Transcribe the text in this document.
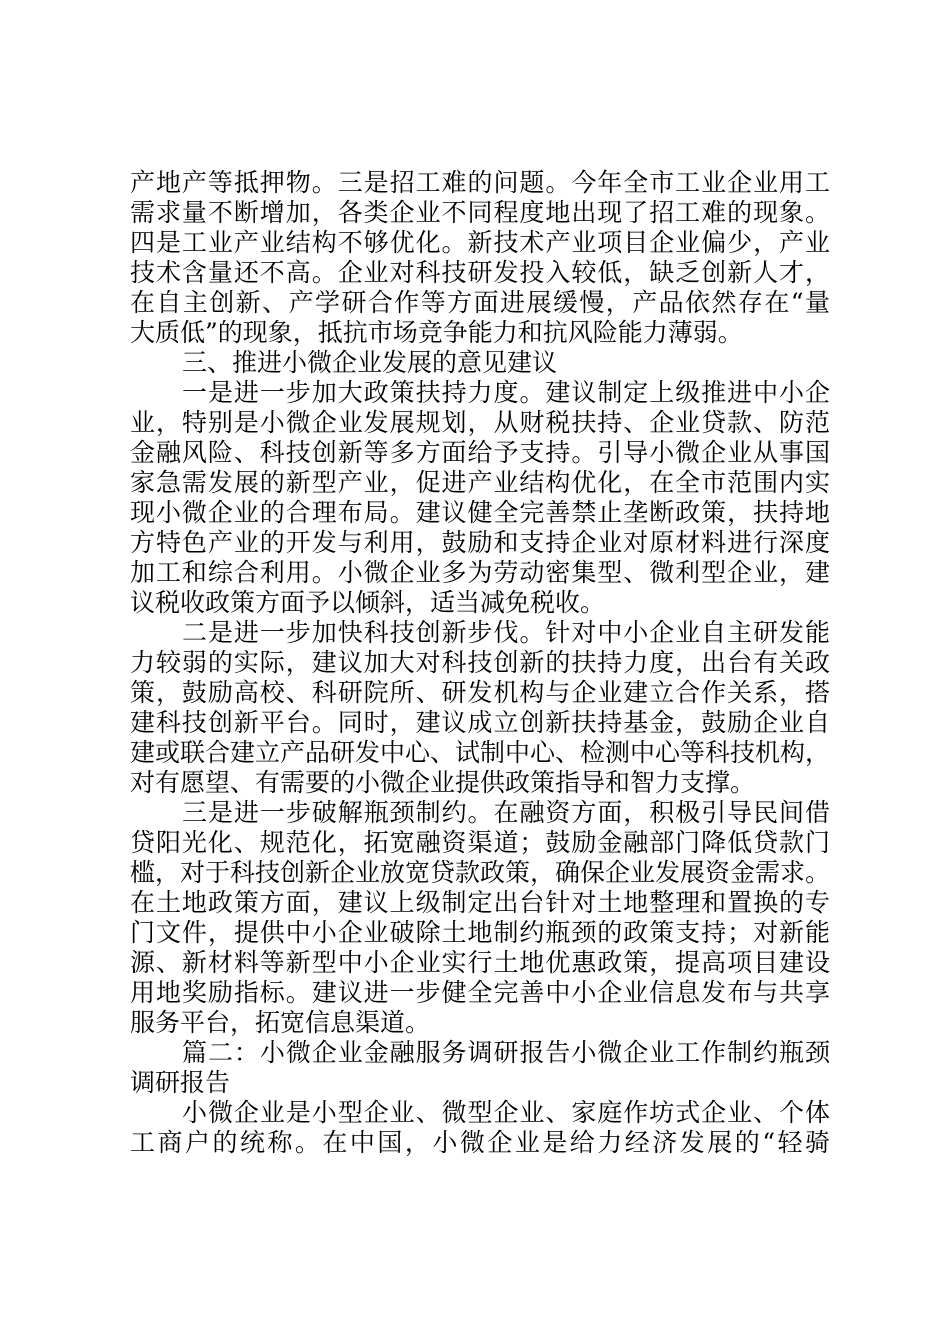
产地产等抵押物。三是招工难的问题。今年全市工业企业用工
需求量不断增加，各类企业不同程度地出现了招工难的现象。
四是工业产业结构不够优化。新技术产业项目企业偏少，产业
技术含量还不高。企业对科技研发投入较低，缺乏创新人才，
在自主创新、产学研合作等方面进展缓慢，产品依然存在“量
大质低”的现象，抵抗市场竞争能力和抗风险能力薄弱。
三、推进小微企业发展的意见建议
一是进一步加大政策扶持力度。建议制定上级推进中小企
业，特别是小微企业发展规划，从财税扶持、企业贷款、防范
金融风险、科技创新等多方面给予支持。引导小微企业从事国
家急需发展的新型产业，促进产业结构优化，在全市范围内实
现小微企业的合理布局。建议健全完善禁止垄断政策，扶持地
方特色产业的开发与利用，鼓励和支持企业对原材料进行深度
加工和综合利用。小微企业多为劳动密集型、微利型企业，建
议税收政策方面予以倾斜，适当减免税收。
二是进一步加快科技创新步伐。针对中小企业自主研发能
力较弱的实际，建议加大对科技创新的扶持力度，出台有关政
策，鼓励高校、科研院所、研发机构与企业建立合作关系，搭
建科技创新平台。同时，建议成立创新扶持基金，鼓励企业自
建或联合建立产品研发中心、试制中心、检测中心等科技机构，
对有愿望、有需要的小微企业提供政策指导和智力支撑。
三是进一步破解瓶颈制约。在融资方面，积极引导民间借
贷阳光化、规范化，拓宽融资渠道；鼓励金融部门降低贷款门
槛，对于科技创新企业放宽贷款政策，确保企业发展资金需求。
在土地政策方面，建议上级制定出台针对土地整理和置换的专
门文件，提供中小企业破除土地制约瓶颈的政策支持；对新能
源、新材料等新型中小企业实行土地优惠政策，提高项目建设
用地奖励指标。建议进一步健全完善中小企业信息发布与共享
服务平台，拓宽信息渠道。
篇二：小微企业金融服务调研报告小微企业工作制约瓶颈
调研报告
小微企业是小型企业、微型企业、家庭作坊式企业、个体
工商户的统称。在中国，小微企业是给力经济发展的“轻骑
